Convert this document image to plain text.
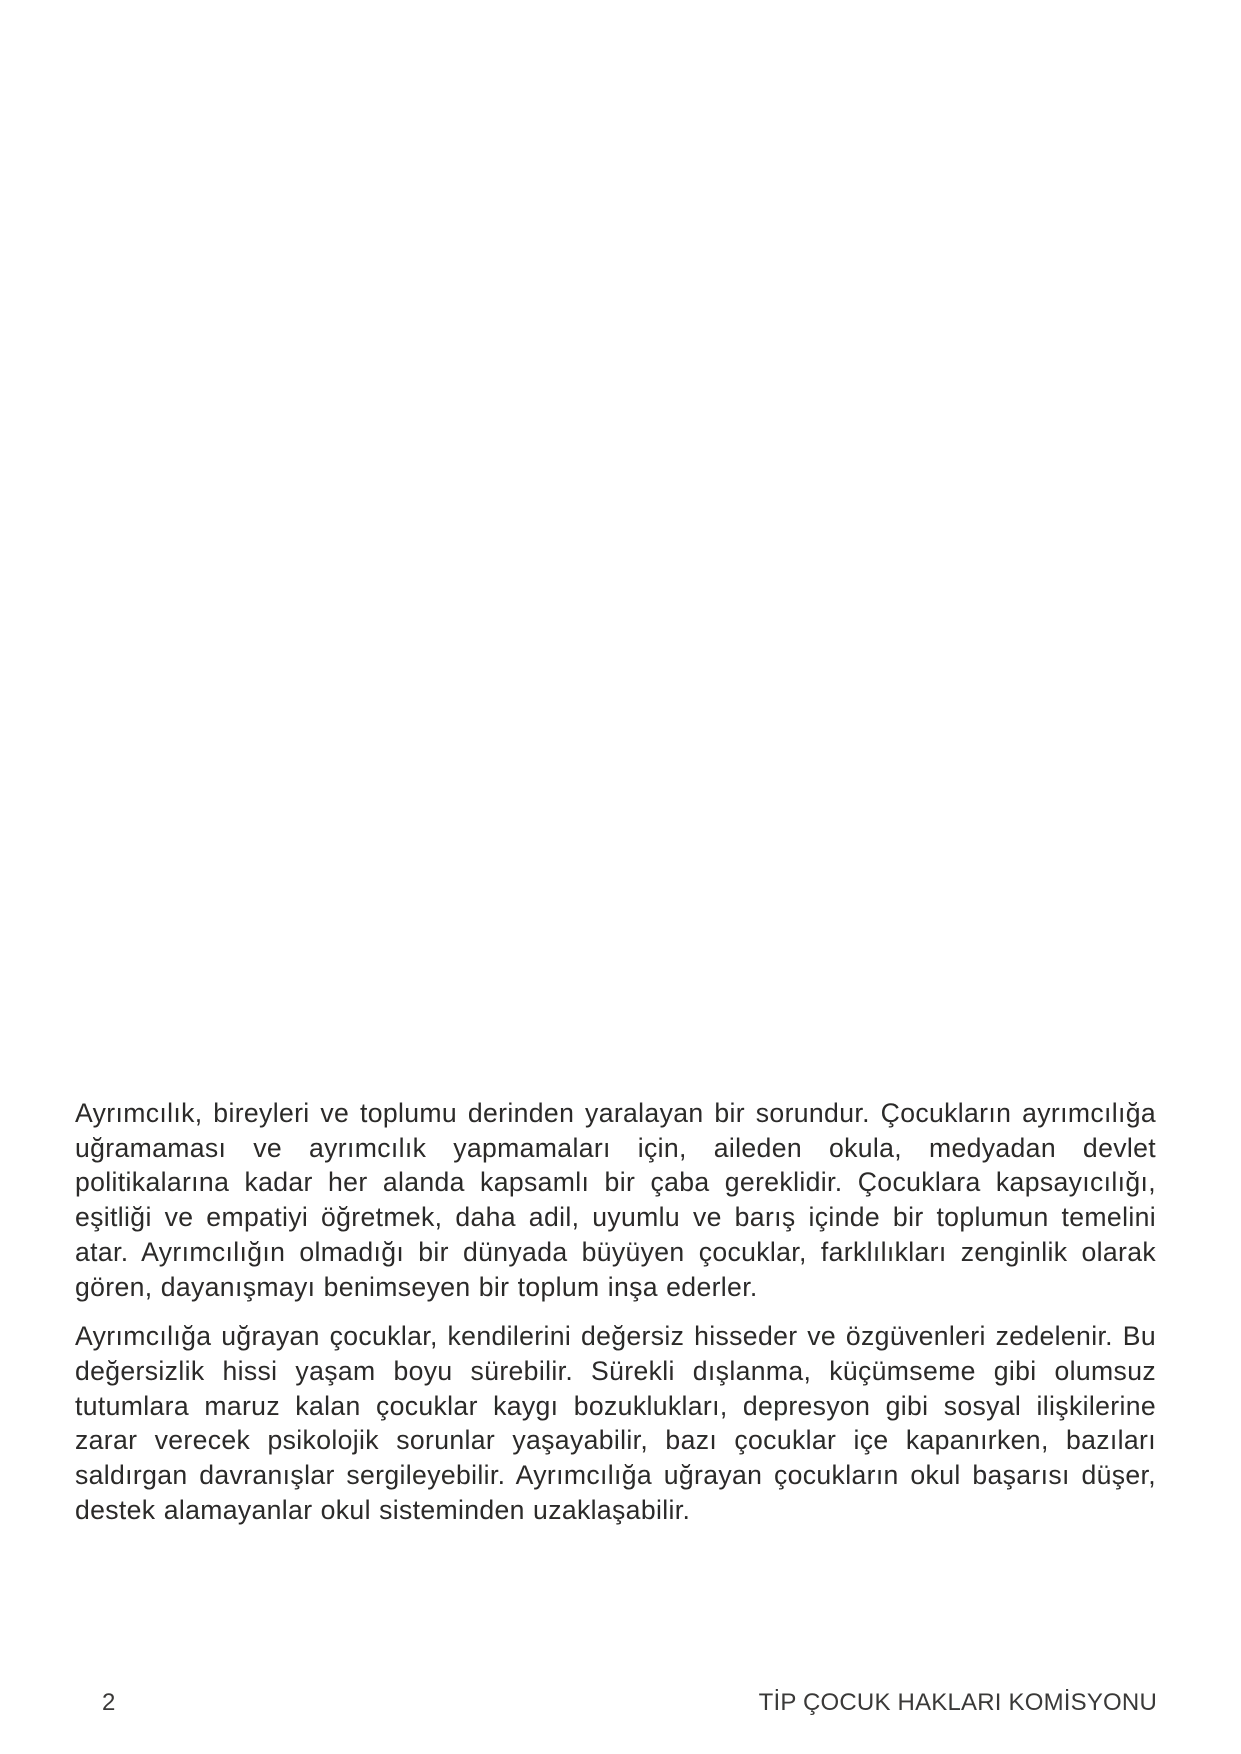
Ayrımcılık, bireyleri ve toplumu derinden yaralayan bir sorundur. Çocukların ayrımcılığa uğramaması ve ayrımcılık yapmamaları için, aileden okula, medyadan devlet politikalarına kadar her alanda kapsamlı bir çaba gereklidir. Çocuklara kapsayıcılığı, eşitliği ve empatiyi öğretmek, daha adil, uyumlu ve barış içinde bir toplumun temelini atar. Ayrımcılığın olmadığı bir dünyada büyüyen çocuklar, farklılıkları zenginlik olarak gören, dayanışmayı benimseyen bir toplum inşa ederler.

Ayrımcılığa uğrayan çocuklar, kendilerini değersiz hisseder ve özgüvenleri zedelenir. Bu değersizlik hissi yaşam boyu sürebilir. Sürekli dışlanma, küçümseme gibi olumsuz tutumlara maruz kalan çocuklar kaygı bozuklukları, depresyon gibi sosyal ilişkilerine zarar verecek psikolojik sorunlar yaşayabilir, bazı çocuklar içe kapanırken, bazıları saldırgan davranışlar sergileyebilir. Ayrımcılığa uğrayan çocukların okul başarısı düşer, destek alamayanlar okul sisteminden uzaklaşabilir.

2	TİP ÇOCUK HAKLARI KOMİSYONU
